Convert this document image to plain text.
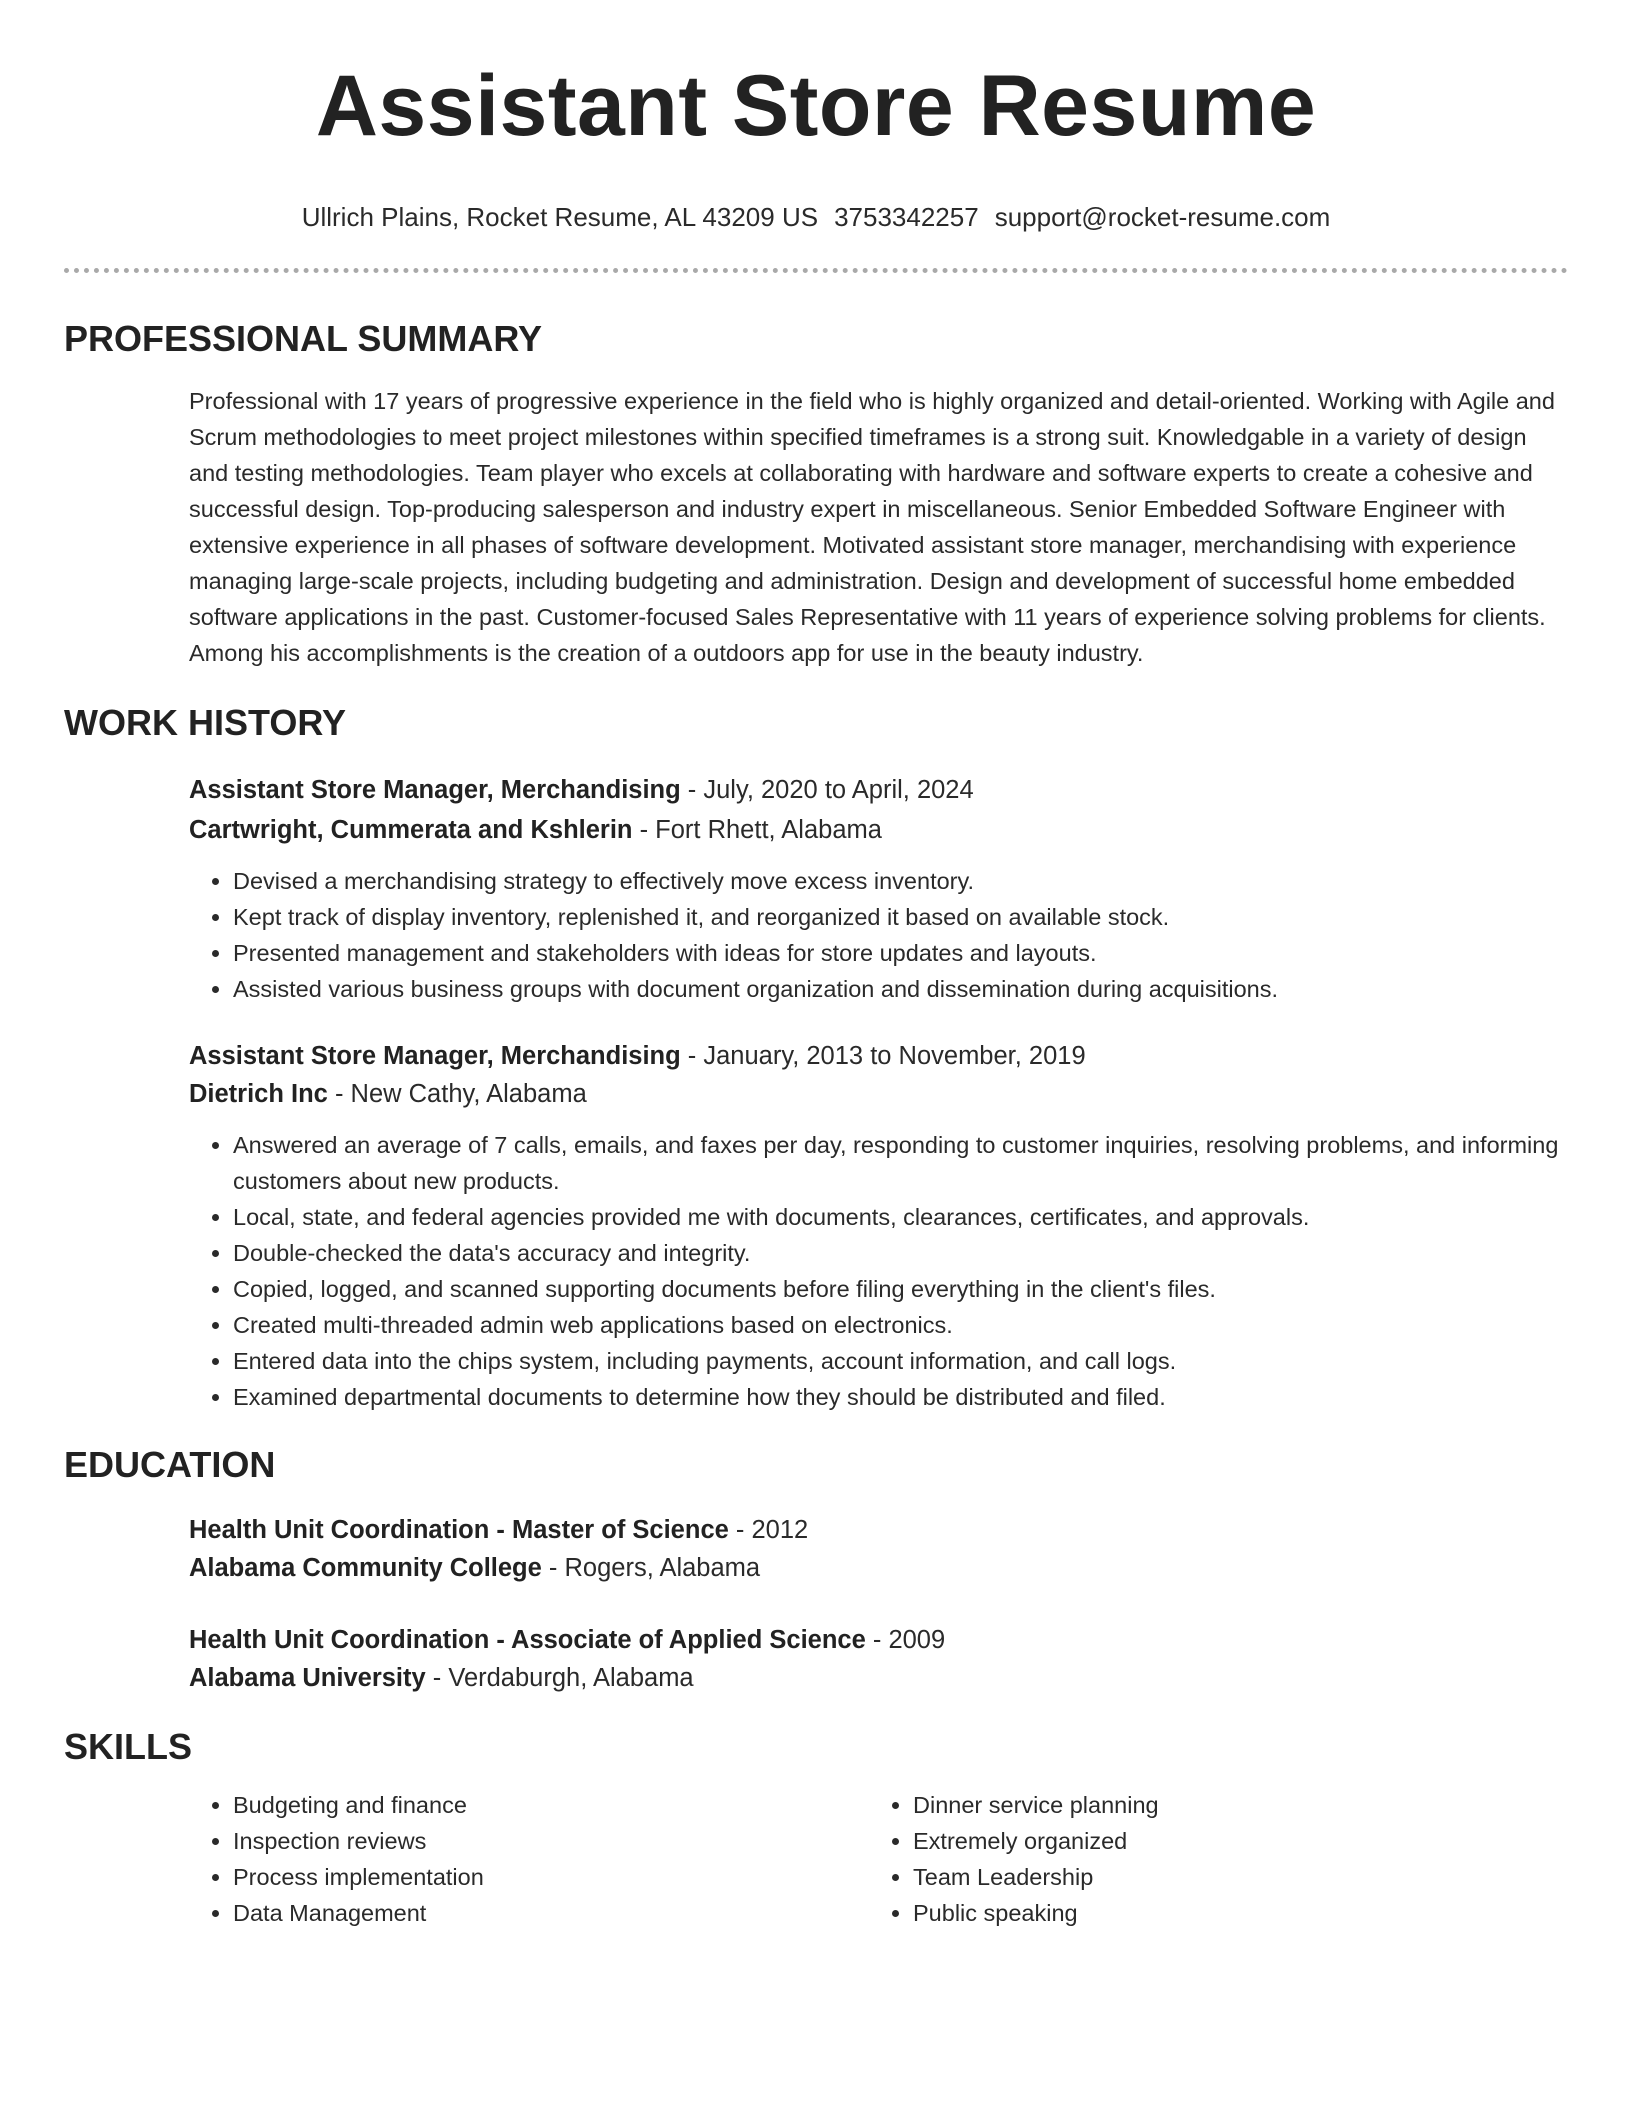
Assistant Store Resume
Ullrich Plains, Rocket Resume, AL 43209 US 3753342257 support@rocket-resume.com
PROFESSIONAL SUMMARY

Professional with 17 years of progressive experience in the field who is highly organized and detail-oriented. Working with Agile and Scrum methodologies to meet project milestones within specified timeframes is a strong suit. Knowledgable in a variety of design and testing methodologies. Team player who excels at collaborating with hardware and software experts to create a cohesive and successful design. Top-producing salesperson and industry expert in miscellaneous. Senior Embedded Software Engineer with extensive experience in all phases of software development. Motivated assistant store manager, merchandising with experience managing large-scale projects, including budgeting and administration. Design and development of successful home embedded software applications in the past. Customer-focused Sales Representative with 11 years of experience solving problems for clients. Among his accomplishments is the creation of a outdoors app for use in the beauty industry.

WORK HISTORY

Assistant Store Manager, Merchandising - July, 2020 to April, 2024

Cartwright, Cummerata and Kshlerin - Fort Rhett, Alabama

• Devised a merchandising strategy to effectively move excess inventory.
• Kept track of display inventory, replenished it, and reorganized it based on available stock.
• Presented management and stakeholders with ideas for store updates and layouts.
• Assisted various business groups with document organization and dissemination during acquisitions.

Assistant Store Manager, Merchandising - January, 2013 to November, 2019

Dietrich Inc - New Cathy, Alabama

• Answered an average of 7 calls, emails, and faxes per day, responding to customer inquiries, resolving problems, and informing customers about new products.
• Local, state, and federal agencies provided me with documents, clearances, certificates, and approvals.
• Double-checked the data's accuracy and integrity.
• Copied, logged, and scanned supporting documents before filing everything in the client's files.
• Created multi-threaded admin web applications based on electronics.
• Entered data into the chips system, including payments, account information, and call logs.
• Examined departmental documents to determine how they should be distributed and filed.
EDUCATION

Health Unit Coordination - Master of Science - 2012

Alabama Community College - Rogers, Alabama

Health Unit Coordination - Associate of Applied Science - 2009

Alabama University - Verdaburgh, Alabama

SKILLS
• Budgeting and finance
• Inspection reviews
• Process implementation
• Data Management
• Dinner service planning
• Extremely organized
• Team Leadership
• Public speaking
